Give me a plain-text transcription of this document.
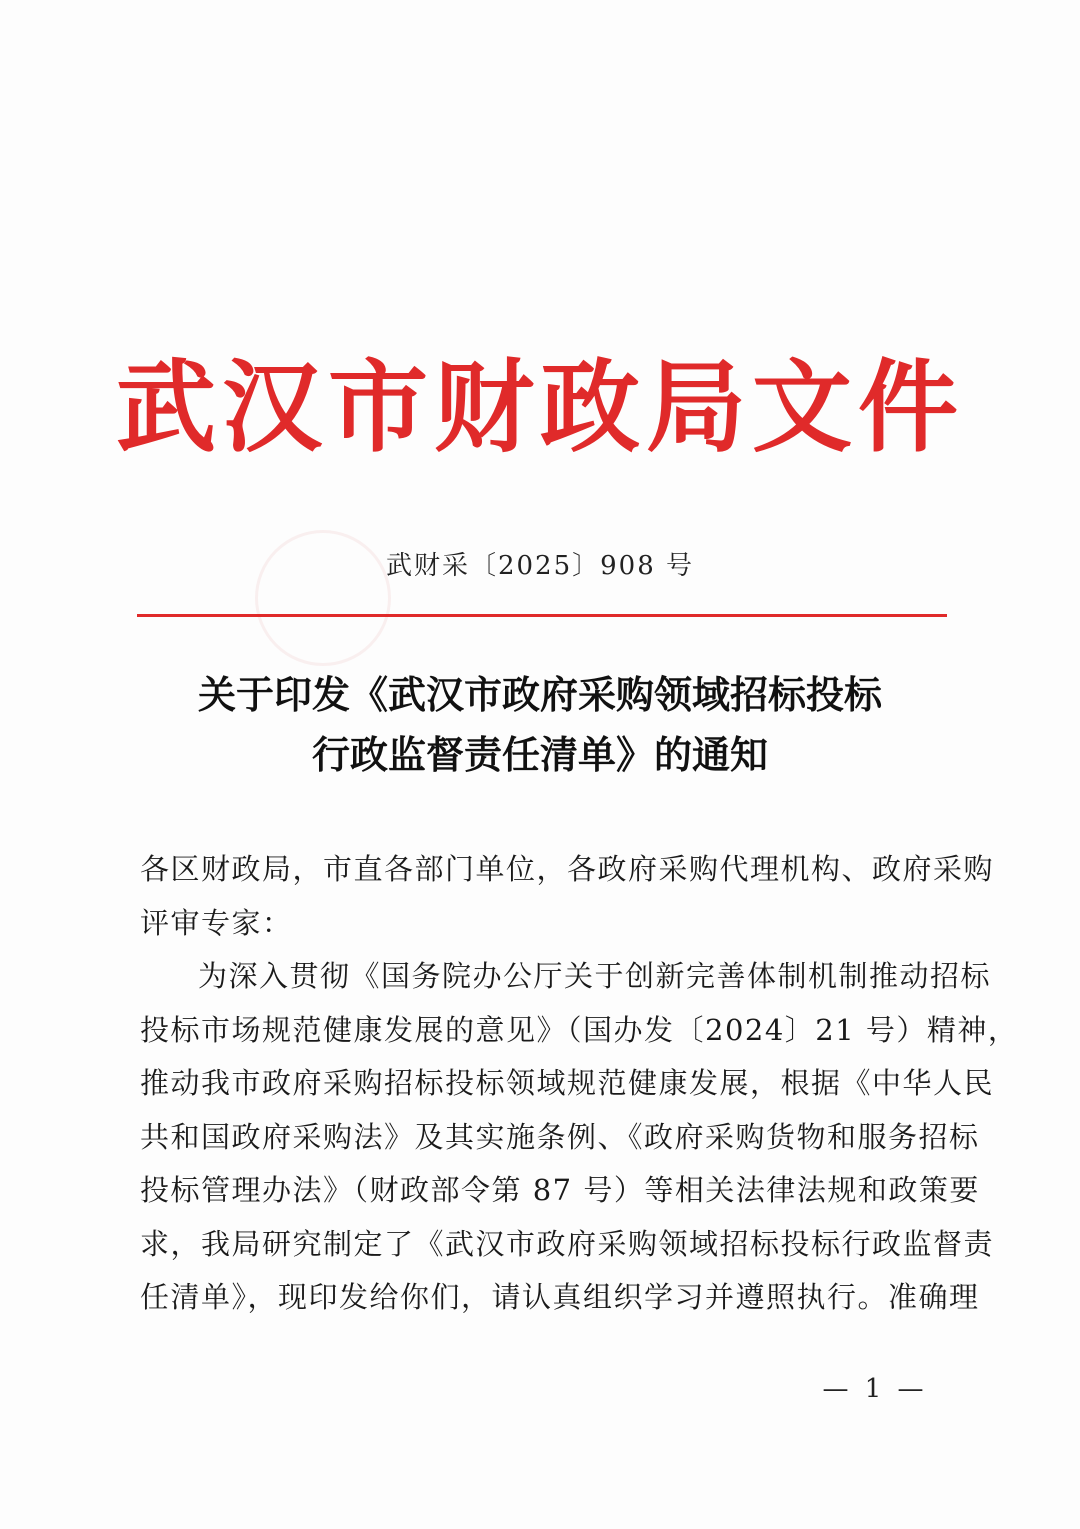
武汉市财政局文件
武财采〔2025〕908 号
关于印发《武汉市政府采购领域招标投标
行政监督责任清单》的通知
各区财政局，市直各部门单位，各政府采购代理机构、政府采购
评审专家：
为深入贯彻《国务院办公厅关于创新完善体制机制推动招标
投标市场规范健康发展的意见》（国办发〔2024〕21 号）精神，
推动我市政府采购招标投标领域规范健康发展，根据《中华人民
共和国政府采购法》及其实施条例、《政府采购货物和服务招标
投标管理办法》（财政部令第 87 号）等相关法律法规和政策要
求，我局研究制定了《武汉市政府采购领域招标投标行政监督责
任清单》，现印发给你们，请认真组织学习并遵照执行。准确理
— 1 —
